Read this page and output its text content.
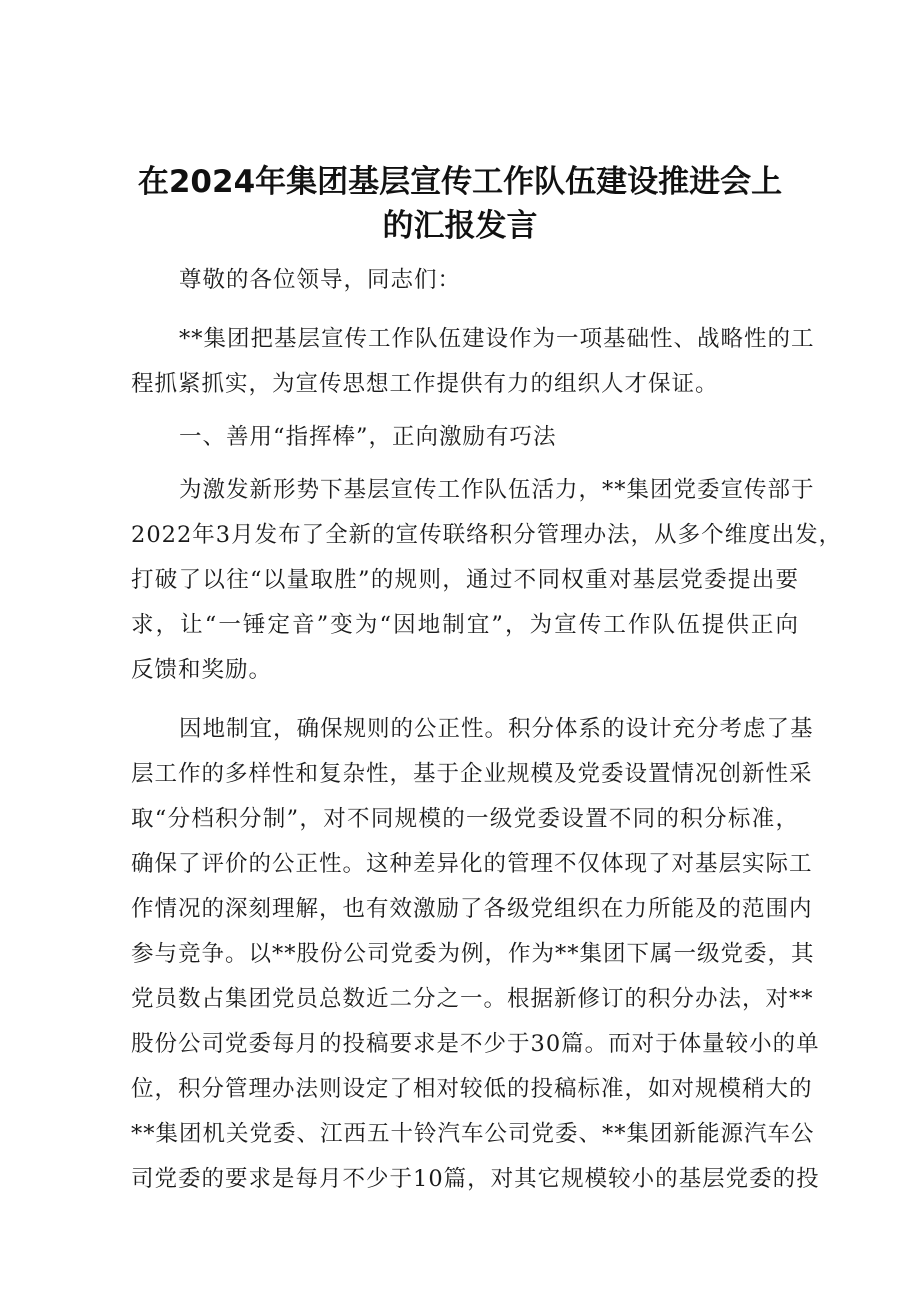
在2024年集团基层宣传工作队伍建设推进会上
的汇报发言

尊敬的各位领导，同志们：

**集团把基层宣传工作队伍建设作为一项基础性、战略性的工
程抓紧抓实，为宣传思想工作提供有力的组织人才保证。

一、善用“指挥棒”，正向激励有巧法

为激发新形势下基层宣传工作队伍活力，**集团党委宣传部于
2022年3月发布了全新的宣传联络积分管理办法，从多个维度出发，
打破了以往“以量取胜”的规则，通过不同权重对基层党委提出要
求，让“一锤定音”变为“因地制宜”，为宣传工作队伍提供正向
反馈和奖励。
因地制宜，确保规则的公正性。积分体系的设计充分考虑了基
层工作的多样性和复杂性，基于企业规模及党委设置情况创新性采
取“分档积分制”，对不同规模的一级党委设置不同的积分标准，
确保了评价的公正性。这种差异化的管理不仅体现了对基层实际工
作情况的深刻理解，也有效激励了各级党组织在力所能及的范围内
参与竞争。以**股份公司党委为例，作为**集团下属一级党委，其
党员数占集团党员总数近二分之一。根据新修订的积分办法，对**
股份公司党委每月的投稿要求是不少于30篇。而对于体量较小的单
位，积分管理办法则设定了相对较低的投稿标准，如对规模稍大的
**集团机关党委、江西五十铃汽车公司党委、**集团新能源汽车公
司党委的要求是每月不少于10篇，对其它规模较小的基层党委的投
